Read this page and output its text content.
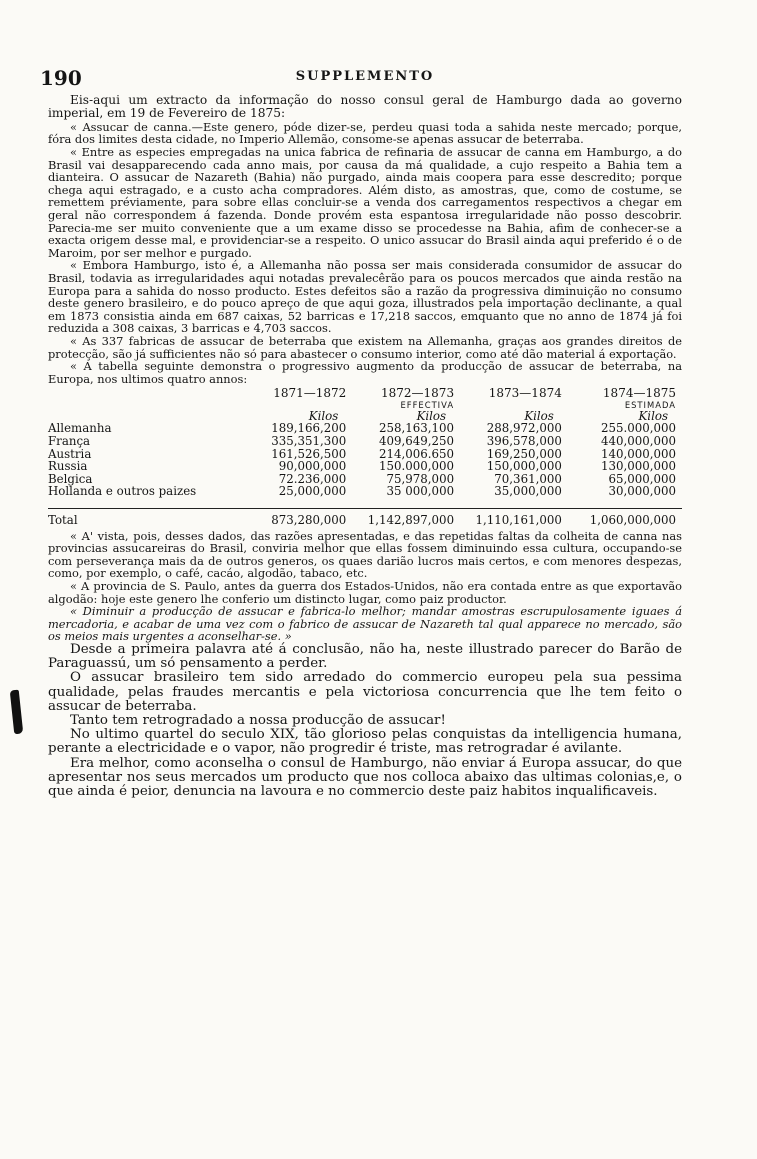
190	SUPPLEMENTO

Eis-aqui um extracto da informação do nosso consul geral de Hamburgo dada ao governo imperial, em 19 de Fevereiro de 1875:

« Assucar de canna.—Este genero, póde dizer-se, perdeu quasi toda a sahida neste mercado; porque, fóra dos limites desta cidade, no Imperio Allemão, consome-se apenas assucar de beterraba.

« Entre as especies empregadas na unica fabrica de refinaria de assucar de canna em Hamburgo, a do Brasil vai desapparecendo cada anno mais, por causa da má qualidade, a cujo respeito a Bahia tem a dianteira. O assucar de Nazareth (Bahia) não purgado, ainda mais coopera para esse descredito; porque chega aqui estragado, e a custo acha compradores. Além disto, as amostras, que, como de costume, se remettem préviamente, para sobre ellas concluir-se a venda dos carregamentos respectivos a chegar em geral não correspondem á fazenda. Donde provém esta espantosa irregularidade não posso descobrir. Parecia-me ser muito conveniente que a um exame disso se procedesse na Bahia, afim de conhecer-se a exacta origem desse mal, e providenciar-se a respeito. O unico assucar do Brasil ainda aqui preferido é o de Maroim, por ser melhor e purgado.

« Embora Hamburgo, isto é, a Allemanha não possa ser mais considerada consumidor de assucar do Brasil, todavia as irregularidades aqui notadas prevalecêrão para os poucos mercados que ainda restão na Europa para a sahida do nosso producto. Estes defeitos são a razão da progressiva diminuição no consumo deste genero brasileiro, e do pouco apreço de que aqui goza, illustrados pela importação declinante, a qual em 1873 consistia ainda em 687 caixas, 52 barricas e 17,218 saccos, emquanto que no anno de 1874 já foi reduzida a 308 caixas, 3 barricas e 4,703 saccos.

« As 337 fabricas de assucar de beterraba que existem na Allemanha, graças aos grandes direitos de protecção, são já sufficientes não só para abastecer o consumo interior, como até dão material á exportação.

« A tabella seguinte demonstra o progressivo augmento da producção de assucar de beterraba, na Europa, nos ultimos quatro annos:

	1871—1872	1872—1873	1873—1874	1874—1875
		EFFECTIVA		ESTIMADA
	Kilos	Kilos	Kilos	Kilos
Allemanha	189,166,200	258,163,100	288,972,000	255.000,000
França	335,351,300	409,649,250	396,578,000	440,000,000
Austria	161,526,500	214,006.650	169,250,000	140,000,000
Russia	90,000,000	150.000,000	150,000,000	130,000,000
Belgica	72.236,000	75,978,000	70,361,000	65,000,000
Hollanda e outros paizes	25,000,000	35 000,000	35,000,000	30,000,000

Total	873,280,000	1,142,897,000	1,110,161,000	1,060,000,000

« A' vista, pois, desses dados, das razões apresentadas, e das repetidas faltas da colheita de canna nas provincias assucareiras do Brasil, conviria melhor que ellas fossem diminuindo essa cultura, occupando-se com perseverança mais da de outros generos, os quaes darião lucros mais certos, e com menores despezas, como, por exemplo, o café, cacáo, algodão, tabaco, etc.

« A provincia de S. Paulo, antes da guerra dos Estados-Unidos, não era contada entre as que exportavão algodão: hoje este genero lhe conferio um distincto lugar, como paiz productor.

« Diminuir a producção de assucar e fabrica-lo melhor; mandar amostras escrupulosamente iguaes á mercadoria, e acabar de uma vez com o fabrico de assucar de Nazareth tal qual apparece no mercado, são os meios mais urgentes a aconselhar-se. »

Desde a primeira palavra até á conclusão, não ha, neste illustrado parecer do Barão de Paraguassú, um só pensamento a perder.

O assucar brasileiro tem sido arredado do commercio europeu pela sua pessima qualidade, pelas fraudes mercantis e pela victoriosa concurrencia que lhe tem feito o assucar de beterraba.

Tanto tem retrogradado a nossa producção de assucar!

No ultimo quartel do seculo XIX, tão glorioso pelas conquistas da intelligencia humana, perante a electricidade e o vapor, não progredir é triste, mas retrogradar é avilante.

Era melhor, como aconselha o consul de Hamburgo, não enviar á Europa assucar, do que apresentar nos seus mercados um producto que nos colloca abaixo das ultimas colonias,e, o que ainda é peior, denuncia na lavoura e no commercio deste paiz habitos inqualificaveis.
